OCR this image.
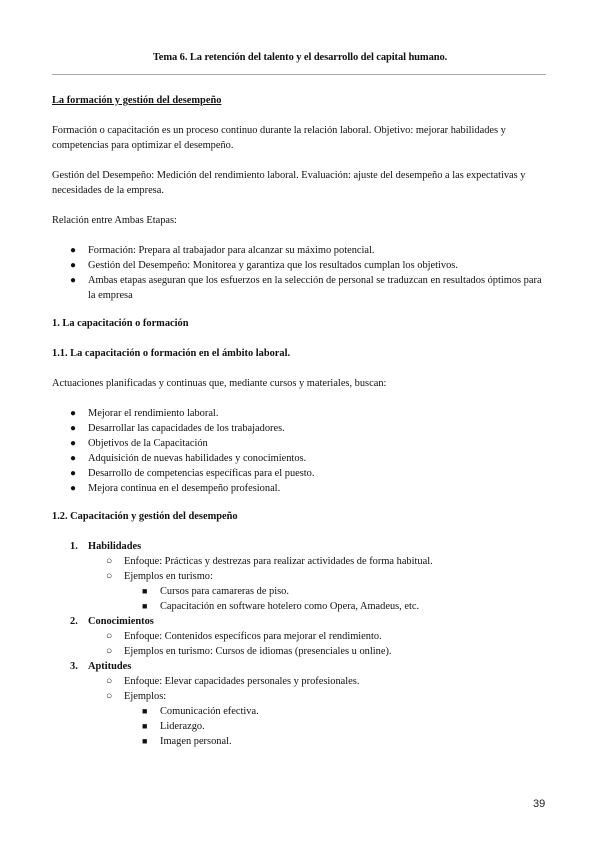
Tema 6. La retención del talento y el desarrollo del capital humano.
La formación y gestión del desempeño

Formación o capacitación es un proceso continuo durante la relación laboral. Objetivo: mejorar habilidades y competencias para optimizar el desempeño.

Gestión del Desempeño: Medición del rendimiento laboral. Evaluación: ajuste del desempeño a las expectativas y necesidades de la empresa.

Relación entre Ambas Etapas:

● Formación: Prepara al trabajador para alcanzar su máximo potencial.
● Gestión del Desempeño: Monitorea y garantiza que los resultados cumplan los objetivos.
● Ambas etapas aseguran que los esfuerzos en la selección de personal se traduzcan en resultados óptimos para la empresa
1. La capacitación o formación
1.1. La capacitación o formación en el ámbito laboral.

Actuaciones planificadas y continuas que, mediante cursos y materiales, buscan:

● Mejorar el rendimiento laboral.
● Desarrollar las capacidades de los trabajadores.
● Objetivos de la Capacitación
● Adquisición de nuevas habilidades y conocimientos.
● Desarrollo de competencias específicas para el puesto.
● Mejora continua en el desempeño profesional.
1.2. Capacitación y gestión del desempeño
1. Habilidades
○ Enfoque: Prácticas y destrezas para realizar actividades de forma habitual.
○ Ejemplos en turismo:
■ Cursos para camareras de piso.
■ Capacitación en software hotelero como Opera, Amadeus, etc.
2. Conocimientos
○ Enfoque: Contenidos específicos para mejorar el rendimiento.
○ Ejemplos en turismo: Cursos de idiomas (presenciales u online).
3. Aptitudes
○ Enfoque: Elevar capacidades personales y profesionales.
○ Ejemplos:
■ Comunicación efectiva.
■ Liderazgo.
■ Imagen personal.
39
